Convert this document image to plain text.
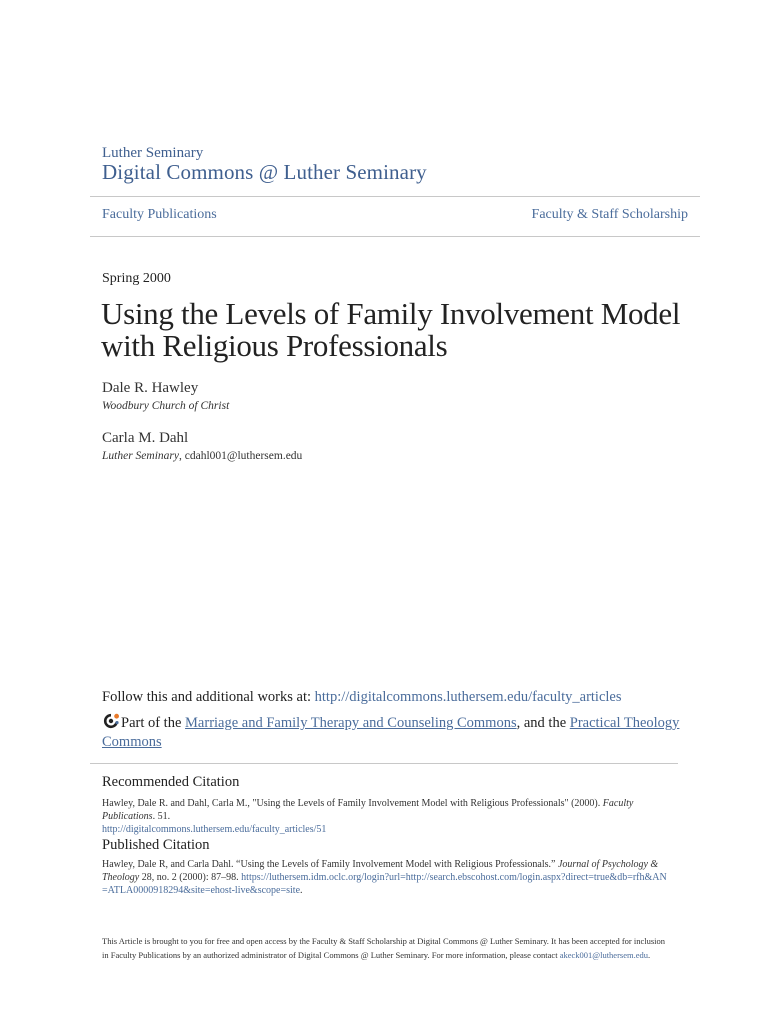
Luther Seminary
Digital Commons @ Luther Seminary
Faculty Publications	Faculty & Staff Scholarship
Spring 2000
Using the Levels of Family Involvement Model with Religious Professionals
Dale R. Hawley
Woodbury Church of Christ
Carla M. Dahl
Luther Seminary, cdahl001@luthersem.edu
Follow this and additional works at: http://digitalcommons.luthersem.edu/faculty_articles
Part of the Marriage and Family Therapy and Counseling Commons, and the Practical Theology Commons
Recommended Citation
Hawley, Dale R. and Dahl, Carla M., "Using the Levels of Family Involvement Model with Religious Professionals" (2000). Faculty Publications. 51.
http://digitalcommons.luthersem.edu/faculty_articles/51
Published Citation
Hawley, Dale R, and Carla Dahl. “Using the Levels of Family Involvement Model with Religious Professionals.” Journal of Psychology & Theology 28, no. 2 (2000): 87–98. https://luthersem.idm.oclc.org/login?url=http://search.ebscohost.com/login.aspx?direct=true&db=rfh&AN=ATLA0000918294&site=ehost-live&scope=site.
This Article is brought to you for free and open access by the Faculty & Staff Scholarship at Digital Commons @ Luther Seminary. It has been accepted for inclusion in Faculty Publications by an authorized administrator of Digital Commons @ Luther Seminary. For more information, please contact akeck001@luthersem.edu.
